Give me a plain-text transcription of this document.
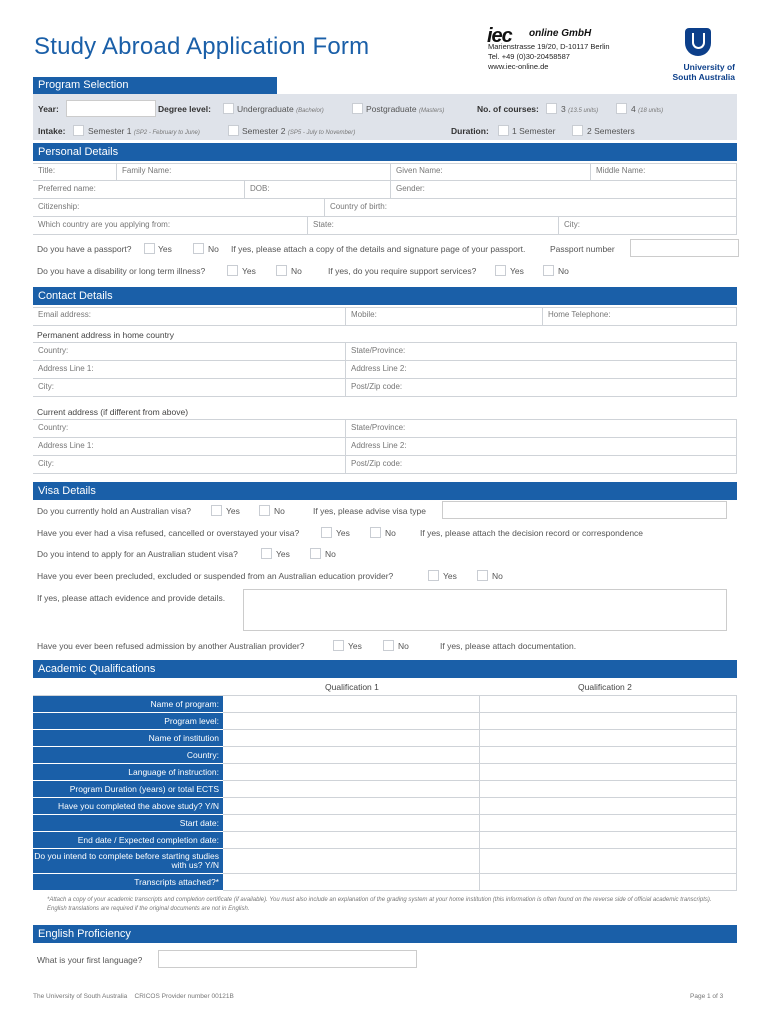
Study Abroad Application Form	iec online GmbH
Marienstrasse 19/20, D-10117 Berlin
Tel. +49 (0)30-20458587
www.iec-online.de	University of
South Australia
Program Selection
Year:	Degree level:	Undergraduate (Bachelor)	Postgraduate (Masters)	No. of courses:	3 (13.5 units)	4 (18 units)
Intake:	Semester 1 (SP2 - February to June)	Semester 2 (SP5 - July to November)	Duration:	1 Semester	2 Semesters
Personal Details
Title:	Family Name:	Given Name:	Middle Name:
Preferred name:	DOB:	Gender:
Citizenship:	Country of birth:
Which country are you applying from:	State:	City:
Do you have a passport?	Yes	No If yes, please attach a copy of the details and signature page of your passport.	Passport number
Do you have a disability or long term illness?	Yes	No	If yes, do you require support services?	Yes	No
Contact Details
Email address:	Mobile:	Home Telephone:
Permanent address in home country
Country:	State/Province:
Address Line 1:	Address Line 2:
City:	Post/Zip code:
Current address (if different from above)
Country:	State/Province:
Address Line 1:	Address Line 2:
City:	Post/Zip code:
Visa Details
Do you currently hold an Australian visa?	Yes	No	If yes, please advise visa type
Have you ever had a visa refused, cancelled or overstayed your visa?	Yes	No	If yes, please attach the decision record or correspondence
Do you intend to apply for an Australian student visa?	Yes	No
Have you ever been precluded, excluded or suspended from an Australian education provider?	Yes	No
If yes, please attach evidence and provide details.
Have you ever been refused admission by another Australian provider?	Yes	No	If yes, please attach documentation.
Academic Qualifications
Qualification 1	Qualification 2
Name of program:
Program level:
Name of institution
Country:
Language of instruction:
Program Duration (years) or total ECTS
Have you completed the above study? Y/N
Start date:
End date / Expected completion date:
Do you intend to complete before starting studies with us? Y/N
Transcripts attached?*
*Attach a copy of your academic transcripts and completion certificate (if available). You must also include an explanation of the grading system at your home institution (this information is often found on the reverse side of official academic transcripts). English translations are required if the original documents are not in English.
English Proficiency
What is your first language?
The University of South Australia    CRICOS Provider number 00121B	Page 1 of 3
